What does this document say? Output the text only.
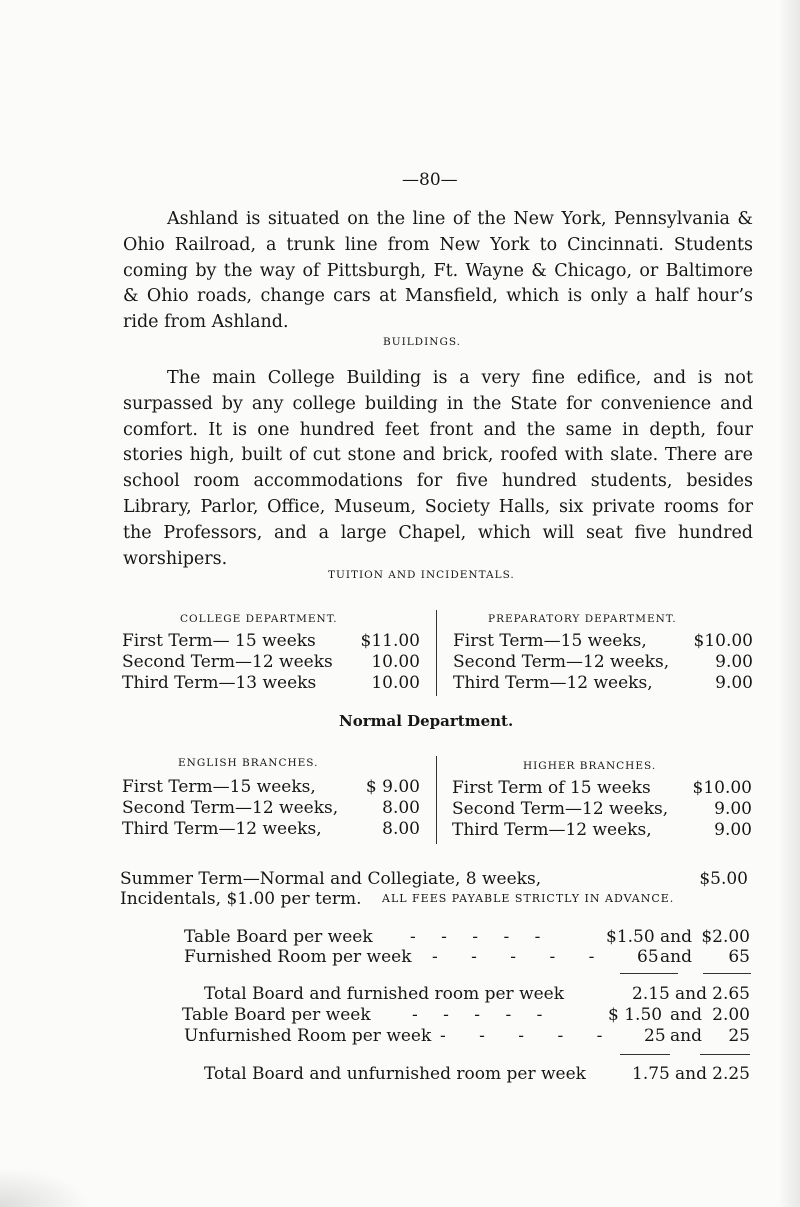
—80—

Ashland is situated on the line of the New York, Pennsylvania & Ohio Railroad, a trunk line from New York to Cincinnati. Students coming by the way of Pittsburgh, Ft. Wayne & Chicago, or Baltimore & Ohio roads, change cars at Mansfield, which is only a half hour’s ride from Ashland.

BUILDINGS.

The main College Building is a very fine edifice, and is not surpassed by any college building in the State for convenience and comfort. It is one hundred feet front and the same in depth, four stories high, built of cut stone and brick, roofed with slate. There are school room accommodations for five hundred students, besides Library, Parlor, Office, Museum, Society Halls, six private rooms for the Professors, and a large Chapel, which will seat five hundred worshipers.

TUITION AND INCIDENTALS.
COLLEGE DEPARTMENT.	PREPARATORY DEPARTMENT.
First Term— 15 weeks	$11.00
Second Term—12 weeks 10.00
Third Term—13 weeks	10.00
First Term—15 weeks,	$10.00
Second Term—12 weeks,	9.00
Third Term—12 weeks,	9.00
Normal Department.
ENGLISH BRANCHES.	HIGHER BRANCHES.
First Term—15 weeks,	$ 9.00
Second Term—12 weeks,	8.00
Third Term—12 weeks,	8.00
First Term of 15 weeks $10.00
Second Term—12 weeks,	9.00
Third Term—12 weeks,	9.00
Summer Term—Normal and Collegiate, 8 weeks,	$5.00
Incidentals, $1.00 per term. ALL FEES PAYABLE STRICTLY IN ADVANCE.
Table Board per week - - - - -	$1.50 and $2.00
Furnished Room per week - - - - - 65 and 65
Total Board and furnished room per week	2.15 and 2.65
Table Board per week - - - - -	$ 1.50 and 2.00
Unfurnished Room per week - - - - - 25 and 25
Total Board and unfurnished room per week	1.75 and 2.25
